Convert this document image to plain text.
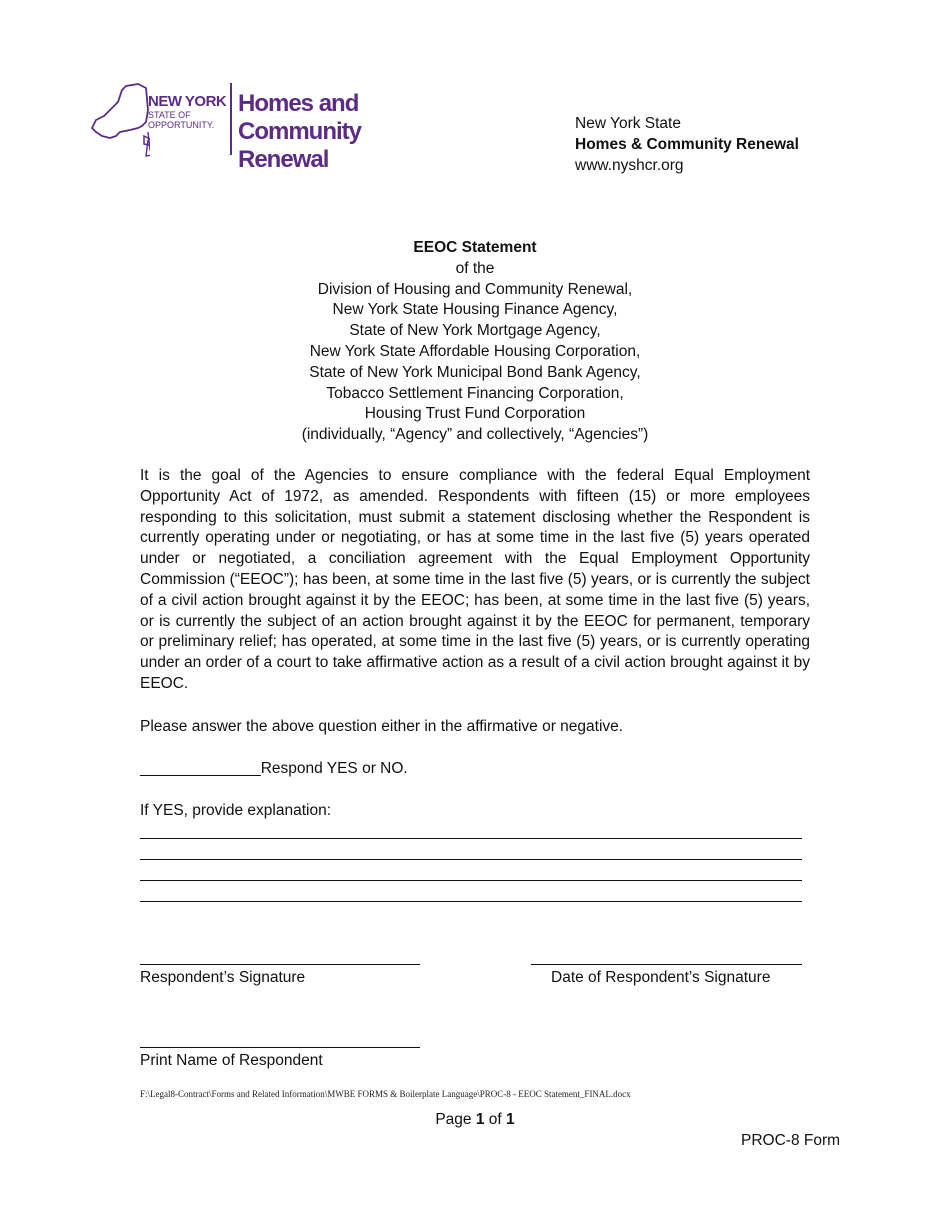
NEW YORK
STATE OF
OPPORTUNITY.
Homes and
Community Renewal
New York State
Homes & Community Renewal
www.nyshcr.org
EEOC Statement
of the
Division of Housing and Community Renewal,
New York State Housing Finance Agency,
State of New York Mortgage Agency,
New York State Affordable Housing Corporation,
State of New York Municipal Bond Bank Agency,
Tobacco Settlement Financing Corporation,
Housing Trust Fund Corporation
(individually, “Agency” and collectively, “Agencies”)
It is the goal of the Agencies to ensure compliance with the federal Equal Employment Opportunity Act of 1972, as amended. Respondents with fifteen (15) or more employees responding to this solicitation, must submit a statement disclosing whether the Respondent is currently operating under or negotiating, or has at some time in the last five (5) years operated under or negotiated, a conciliation agreement with the Equal Employment Opportunity Commission (“EEOC”); has been, at some time in the last five (5) years, or is currently the subject of a civil action brought against it by the EEOC; has been, at some time in the last five (5) years, or is currently the subject of an action brought against it by the EEOC for permanent, temporary or preliminary relief; has operated, at some time in the last five (5) years, or is currently operating under an order of a court to take affirmative action as a result of a civil action brought against it by EEOC.
Please answer the above question either in the affirmative or negative.
______________Respond YES or NO.
If YES, provide explanation:
Respondent’s Signature	Date of Respondent’s Signature
Print Name of Respondent
F:\Legal8-Contract\Forms and Related Information\MWBE FORMS & Boilerplate Language\PROC-8 - EEOC Statement_FINAL.docx
Page 1 of 1
PROC-8 Form
